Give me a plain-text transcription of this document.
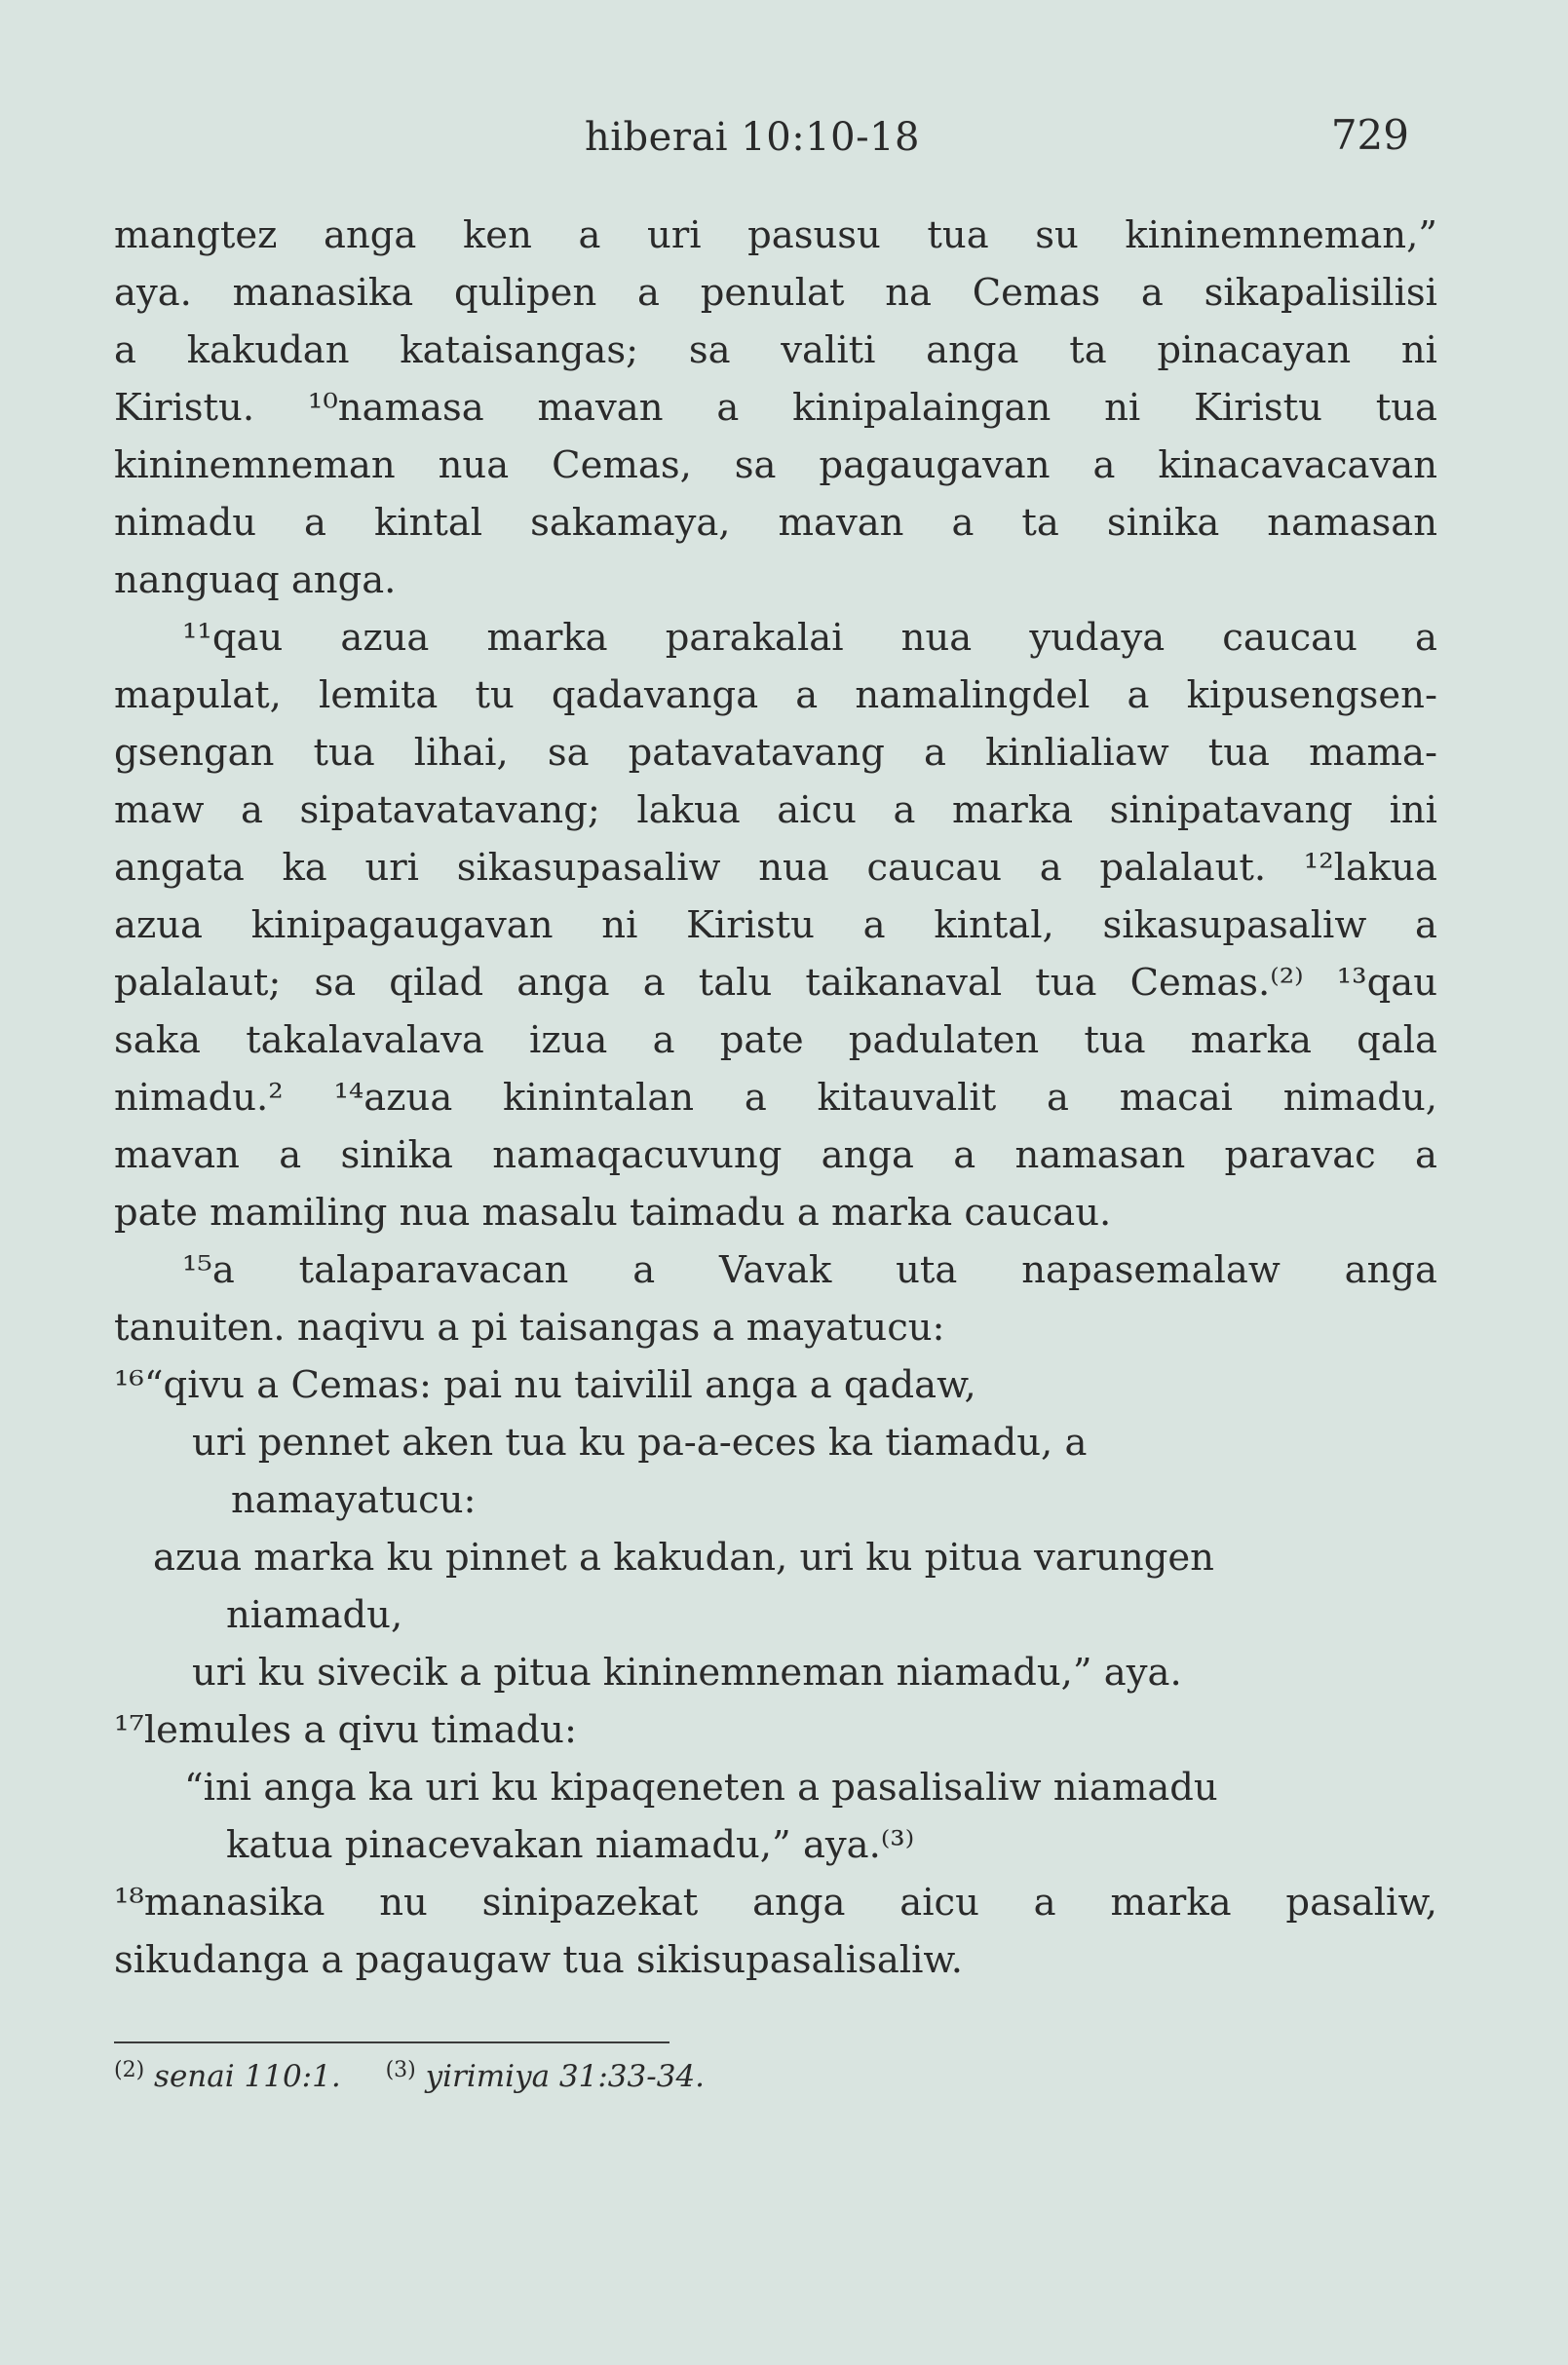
hiberai 10:10-18	729
mangtez anga ken a uri pasusu tua su kininemneman,”
aya. manasika qulipen a penulat na Cemas a sikapalisilisi
a kakudan kataisangas; sa valiti anga ta pinacayan ni
Kiristu. ¹⁰namasa mavan a kinipalaingan ni Kiristu tua
kininemneman nua Cemas, sa pagaugavan a kinacavacavan
nimadu a kintal sakamaya, mavan a ta sinika namasan
nanguaq anga.
¹¹qau azua marka parakalai nua yudaya caucau a
mapulat, lemita tu qadavanga a namalingdel a kipusengsen-
gsengan tua lihai, sa patavatavang a kinlialiaw tua mama-
maw a sipatavatavang; lakua aicu a marka sinipatavang ini
angata ka uri sikasupasaliw nua caucau a palalaut. ¹²lakua
azua kinipagaugavan ni Kiristu a kintal, sikasupasaliw a
palalaut; sa qilad anga a talu taikanaval tua Cemas.⁽²⁾ ¹³qau
saka takalavalava izua a pate padulaten tua marka qala
nimadu.² ¹⁴azua kinintalan a kitauvalit a macai nimadu,
mavan a sinika namaqacuvung anga a namasan paravac a
pate mamiling nua masalu taimadu a marka caucau.
¹⁵a talaparavacan a Vavak uta napasemalaw anga
tanuiten. naqivu a pi taisangas a mayatucu:
¹⁶“qivu a Cemas: pai nu taivilil anga a qadaw,
uri pennet aken tua ku pa-a-eces ka tiamadu, a
namayatucu:
azua marka ku pinnet a kakudan, uri ku pitua varungen
niamadu,
uri ku sivecik a pitua kininemneman niamadu,” aya.
¹⁷lemules a qivu timadu:
“ini anga ka uri ku kipaqeneten a pasalisaliw niamadu
katua pinacevakan niamadu,” aya.⁽³⁾
¹⁸manasika nu sinipazekat anga aicu a marka pasaliw,
sikudanga a pagaugaw tua sikisupasalisaliw.
$^{(2)}$ senai 110:1. $^{(3)}$ yirimiya 31:33-34.
